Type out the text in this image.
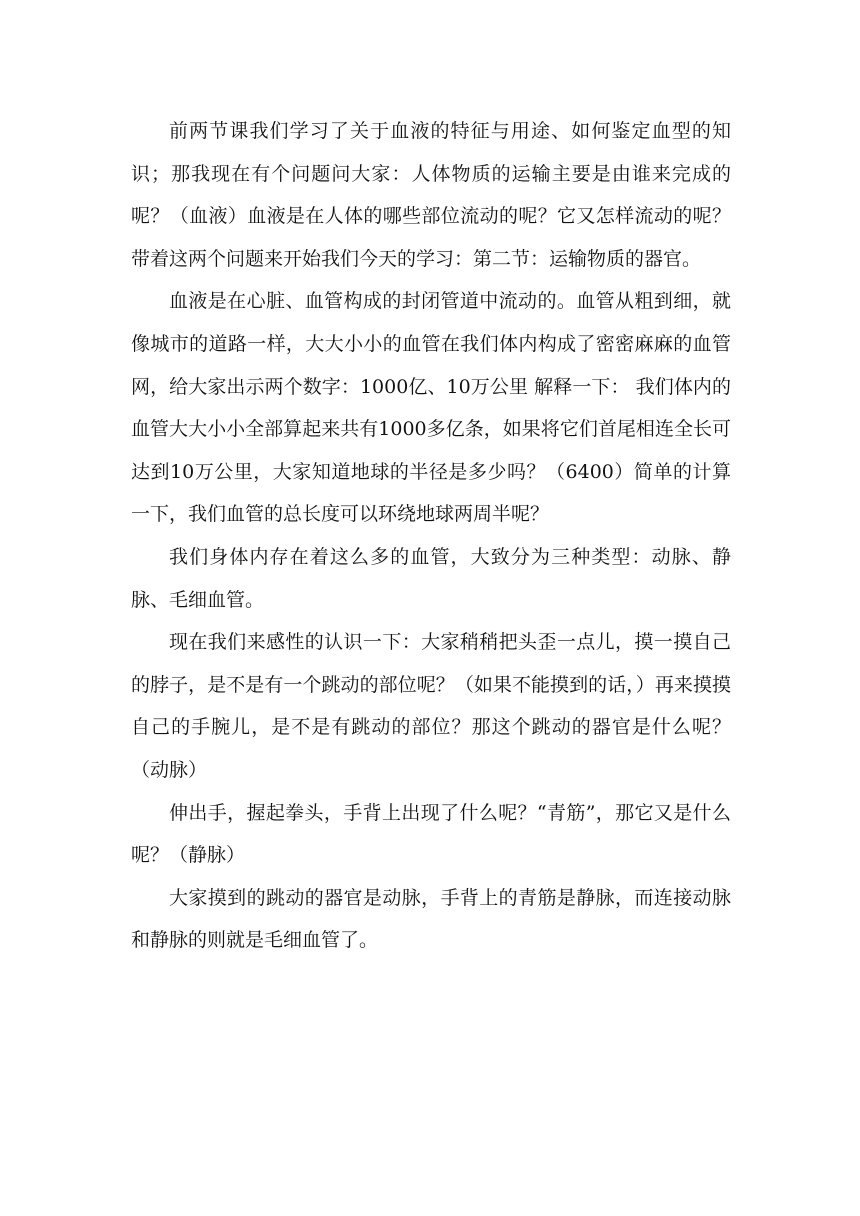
前两节课我们学习了关于血液的特征与用途、如何鉴定血型的知识；那我现在有个问题问大家：人体物质的运输主要是由谁来完成的呢？（血液）血液是在人体的哪些部位流动的呢？它又怎样流动的呢？ 带着这两个问题来开始我们今天的学习：第二节：运输物质的器官。

血液是在心脏、血管构成的封闭管道中流动的。血管从粗到细，就像城市的道路一样，大大小小的血管在我们体内构成了密密麻麻的血管网，给大家出示两个数字：1000亿、10万公里 解释一下： 我们体内的血管大大小小全部算起来共有1000多亿条，如果将它们首尾相连全长可达到10万公里，大家知道地球的半径是多少吗？（6400）简单的计算一下，我们血管的总长度可以环绕地球两周半呢？

我们身体内存在着这么多的血管，大致分为三种类型：动脉、静脉、毛细血管。

现在我们来感性的认识一下：大家稍稍把头歪一点儿，摸一摸自己的脖子，是不是有一个跳动的部位呢？（如果不能摸到的话，）再来摸摸自己的手腕儿，是不是有跳动的部位？那这个跳动的器官是什么呢？（动脉）

伸出手，握起拳头，手背上出现了什么呢？“青筋”，那它又是什么呢？（静脉）

大家摸到的跳动的器官是动脉，手背上的青筋是静脉，而连接动脉和静脉的则就是毛细血管了。
